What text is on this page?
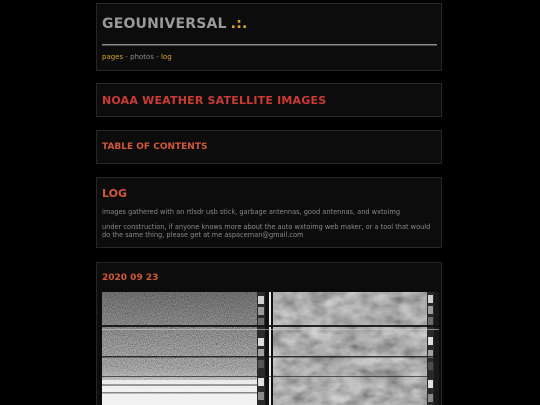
GEOUNIVERSAL .:.
pages - photos - log
NOAA WEATHER SATELLITE IMAGES
TABLE OF CONTENTS
LOG
images gathered with an rtlsdr usb stick, garbage antennas, good antennas, and wxtoimg
under construction, if anyone knows more about the auto wxtoimg web maker, or a tool that would do the same thing, please get at me aspaceman@gmail.com
2020 09 23
